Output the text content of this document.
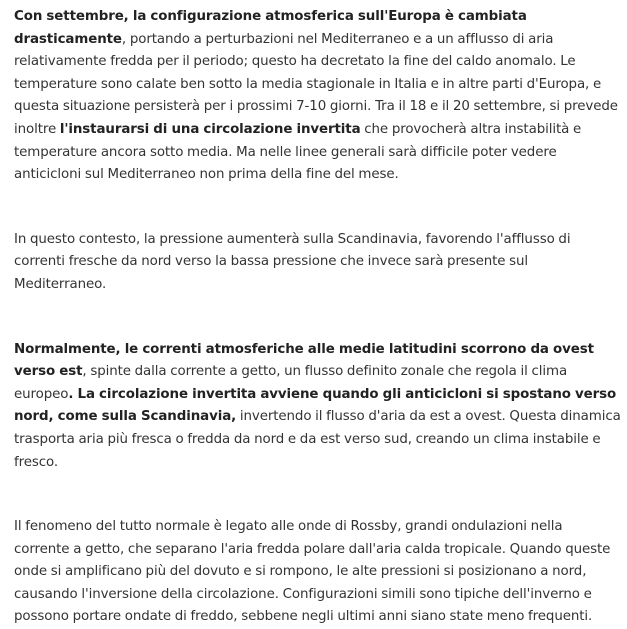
Con settembre, la configurazione atmosferica sull'Europa è cambiata drasticamente, portando a perturbazioni nel Mediterraneo e a un afflusso di aria relativamente fredda per il periodo; questo ha decretato la fine del caldo anomalo. Le temperature sono calate ben sotto la media stagionale in Italia e in altre parti d'Europa, e questa situazione persisterà per i prossimi 7-10 giorni. Tra il 18 e il 20 settembre, si prevede inoltre l'instaurarsi di una circolazione invertita che provocherà altra instabilità e temperature ancora sotto media. Ma nelle linee generali sarà difficile poter vedere anticicloni sul Mediterraneo non prima della fine del mese.

In questo contesto, la pressione aumenterà sulla Scandinavia, favorendo l'afflusso di correnti fresche da nord verso la bassa pressione che invece sarà presente sul Mediterraneo.

Normalmente, le correnti atmosferiche alle medie latitudini scorrono da ovest verso est, spinte dalla corrente a getto, un flusso definito zonale che regola il clima europeo. La circolazione invertita avviene quando gli anticicloni si spostano verso nord, come sulla Scandinavia, invertendo il flusso d'aria da est a ovest. Questa dinamica trasporta aria più fresca o fredda da nord e da est verso sud, creando un clima instabile e fresco.

Il fenomeno del tutto normale è legato alle onde di Rossby, grandi ondulazioni nella corrente a getto, che separano l'aria fredda polare dall'aria calda tropicale. Quando queste onde si amplificano più del dovuto e si rompono, le alte pressioni si posizionano a nord, causando l'inversione della circolazione. Configurazioni simili sono tipiche dell'inverno e possono portare ondate di freddo, sebbene negli ultimi anni siano state meno frequenti.
